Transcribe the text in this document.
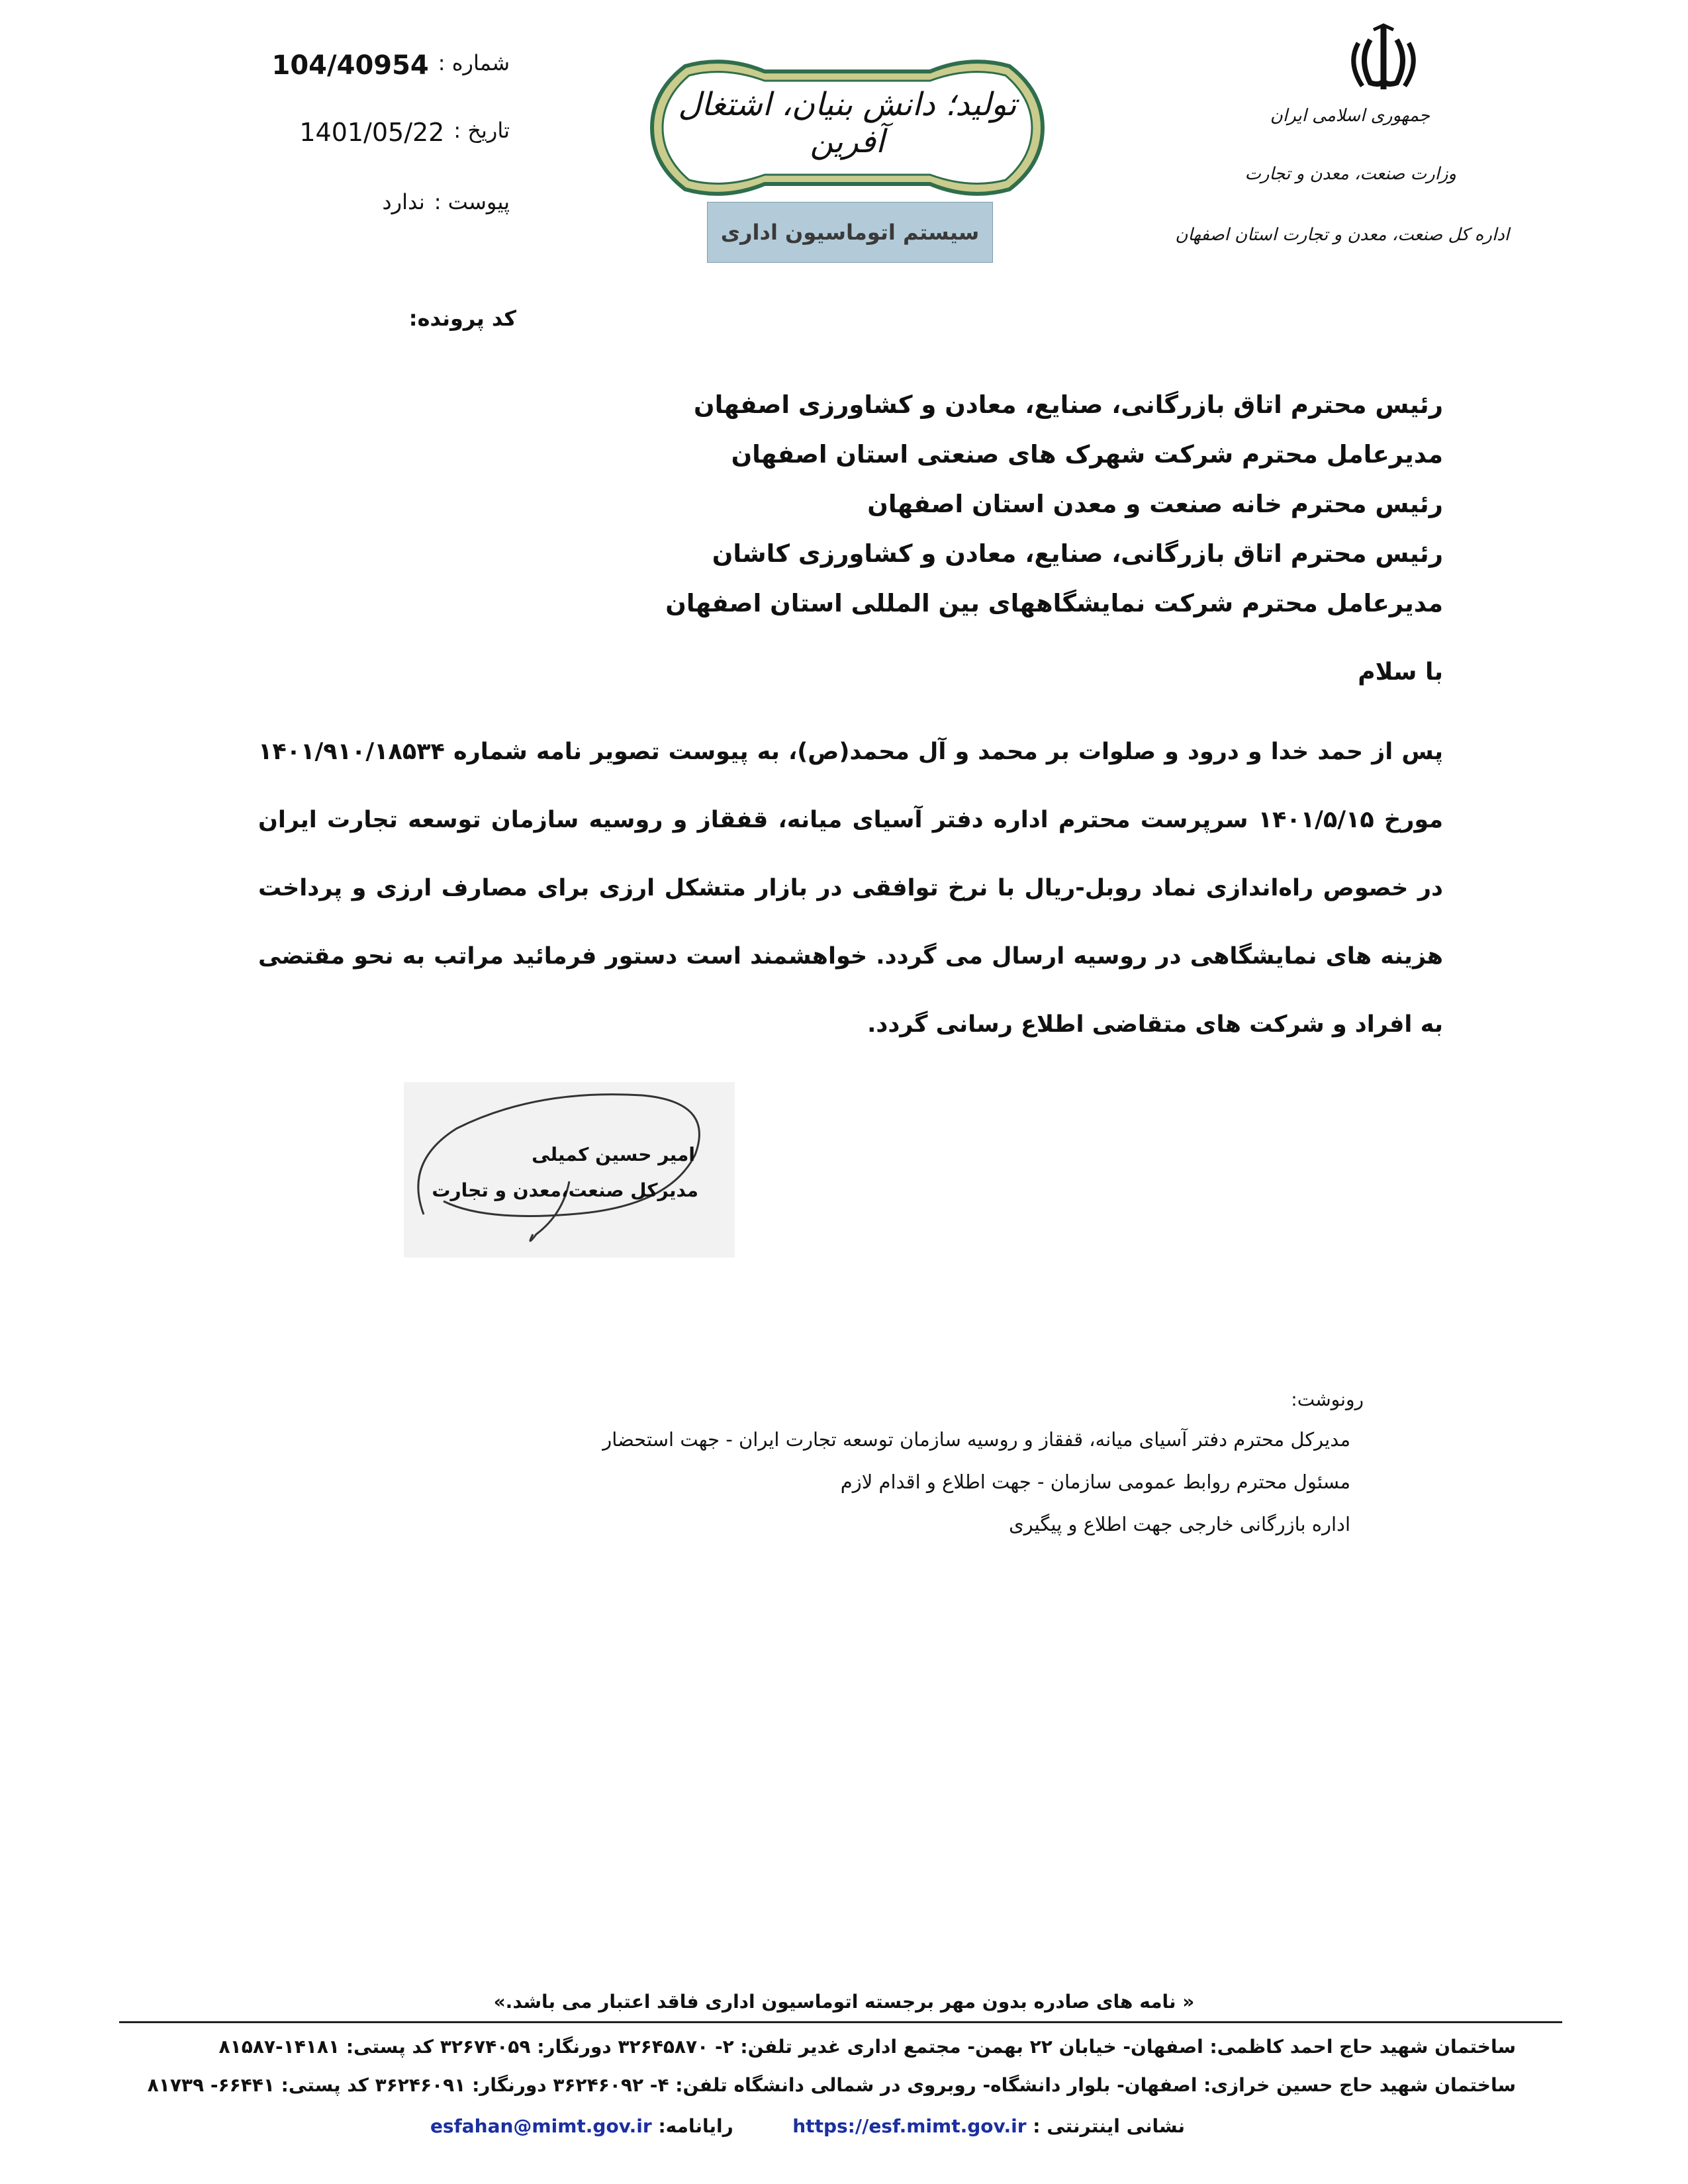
جمهوری اسلامی ایران
وزارت صنعت، معدن و تجارت
اداره کل صنعت، معدن و تجارت استان اصفهان
تولید؛ دانش بنیان، اشتغال آفرین
سیستم اتوماسیون اداری
شماره :
104/40954
تاریخ :
1401/05/22
پیوست :
ندارد
کد پرونده:
رئیس محترم اتاق بازرگانی، صنایع، معادن و کشاورزی اصفهان
مدیرعامل محترم شرکت شهرک های صنعتی استان اصفهان
رئیس محترم خانه صنعت و معدن استان اصفهان
رئیس محترم اتاق بازرگانی، صنایع، معادن و کشاورزی کاشان
مدیرعامل محترم شرکت نمایشگاههای بین المللی استان اصفهان
با سلام
پس از حمد خدا و درود و صلوات بر محمد و آل محمد(ص)، به پیوست تصویر نامه شماره ۱۴۰۱/۹۱۰/۱۸۵۳۴ مورخ ۱۴۰۱/۵/۱۵ سرپرست محترم اداره دفتر آسیای میانه، قفقاز و روسیه سازمان توسعه تجارت ایران در خصوص راه‌اندازی نماد روبل-ریال با نرخ توافقی در بازار متشکل ارزی برای مصارف ارزی و پرداخت هزینه های نمایشگاهی در روسیه ارسال می گردد. خواهشمند است دستور فرمائید مراتب به نحو مقتضی به افراد و شرکت های متقاضی اطلاع رسانی گردد.
امیر حسین کمیلی
مدیرکل صنعت،معدن و تجارت
رونوشت:
مدیرکل محترم دفتر آسیای میانه، قفقاز و روسیه سازمان توسعه تجارت ایران - جهت استحضار
مسئول محترم روابط عمومی سازمان - جهت اطلاع و اقدام لازم
اداره بازرگانی خارجی جهت اطلاع و پیگیری
« نامه های صادره بدون مهر برجسته اتوماسیون اداری فاقد اعتبار می باشد.»
ساختمان شهید حاج احمد کاظمی: اصفهان- خیابان ۲۲ بهمن- مجتمع اداری غدیر تلفن: ۲- ۳۲۶۴۵۸۷۰ دورنگار: ۳۲۶۷۴۰۵۹ کد پستی: ۱۴۱۸۱-۸۱۵۸۷
ساختمان شهید حاج حسین خرازی: اصفهان- بلوار دانشگاه- روبروی در شمالی دانشگاه تلفن: ۴- ۳۶۲۴۶۰۹۲ دورنگار: ۳۶۲۴۶۰۹۱ کد پستی: ۶۶۴۴۱- ۸۱۷۳۹
نشانی اینترنتی : https://esf.mimt.gov.ir  رایانامه: esfahan@mimt.gov.ir
